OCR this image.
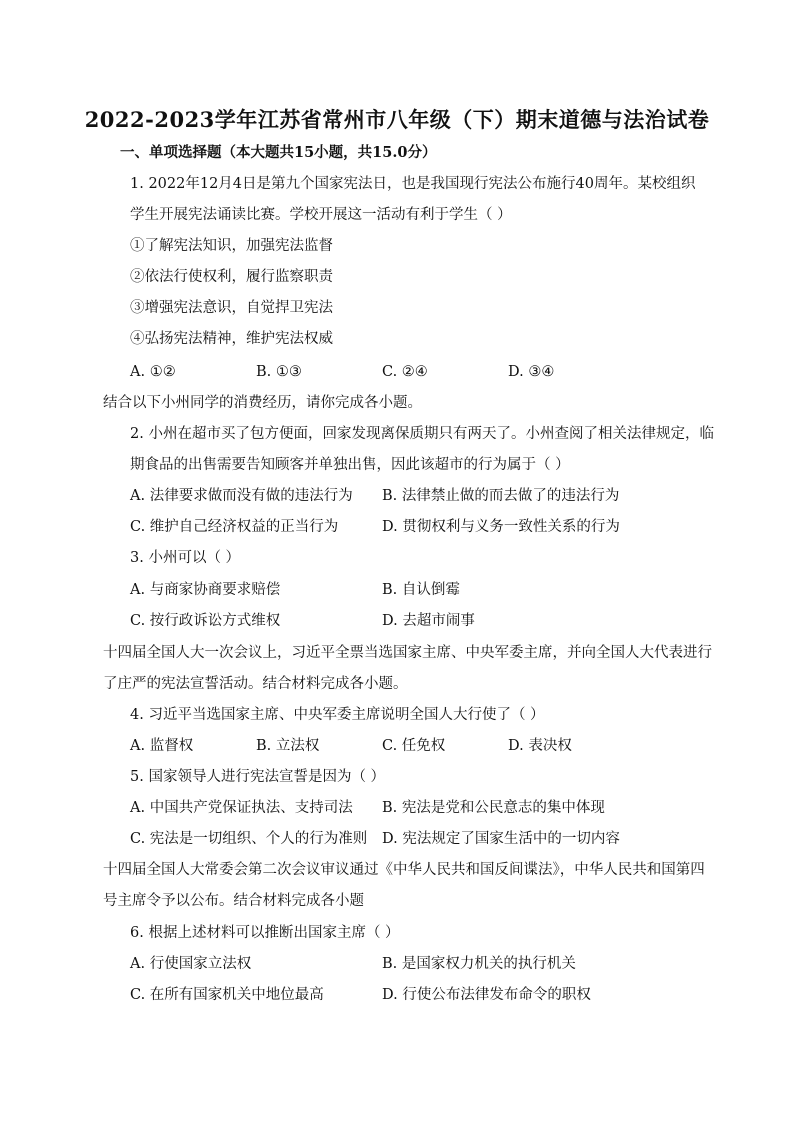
2022-2023学年江苏省常州市八年级（下）期末道德与法治试卷
一、单项选择题（本大题共15小题，共15.0分）
1. 2022年12月4日是第九个国家宪法日，也是我国现行宪法公布施行40周年。某校组织
学生开展宪法诵读比赛。学校开展这一活动有利于学生（ ）
①了解宪法知识，加强宪法监督
②依法行使权利，履行监察职责
③增强宪法意识，自觉捍卫宪法
④弘扬宪法精神，维护宪法权威
A. ①②	B. ①③	C. ②④	D. ③④
结合以下小州同学的消费经历，请你完成各小题。
2. 小州在超市买了包方便面，回家发现离保质期只有两天了。小州查阅了相关法律规定，临
期食品的出售需要告知顾客并单独出售，因此该超市的行为属于（ ）
A. 法律要求做而没有做的违法行为 B. 法律禁止做的而去做了的违法行为
C. 维护自己经济权益的正当行为	D. 贯彻权利与义务一致性关系的行为
3. 小州可以（ ）
A. 与商家协商要求赔偿	B. 自认倒霉
C. 按行政诉讼方式维权	D. 去超市闹事
十四届全国人大一次会议上，习近平全票当选国家主席、中央军委主席，并向全国人大代表进行
了庄严的宪法宣誓活动。结合材料完成各小题。
4. 习近平当选国家主席、中央军委主席说明全国人大行使了（ ）
A. 监督权	B. 立法权	C. 任免权	D. 表决权
5. 国家领导人进行宪法宣誓是因为（ ）
A. 中国共产党保证执法、支持司法 B. 宪法是党和公民意志的集中体现
C. 宪法是一切组织、个人的行为准则 D. 宪法规定了国家生活中的一切内容
十四届全国人大常委会第二次会议审议通过《中华人民共和国反间谍法》，中华人民共和国第四
号主席令予以公布。结合材料完成各小题
6. 根据上述材料可以推断出国家主席（ ）
A. 行使国家立法权	B. 是国家权力机关的执行机关
C. 在所有国家机关中地位最高	D. 行使公布法律发布命令的职权
